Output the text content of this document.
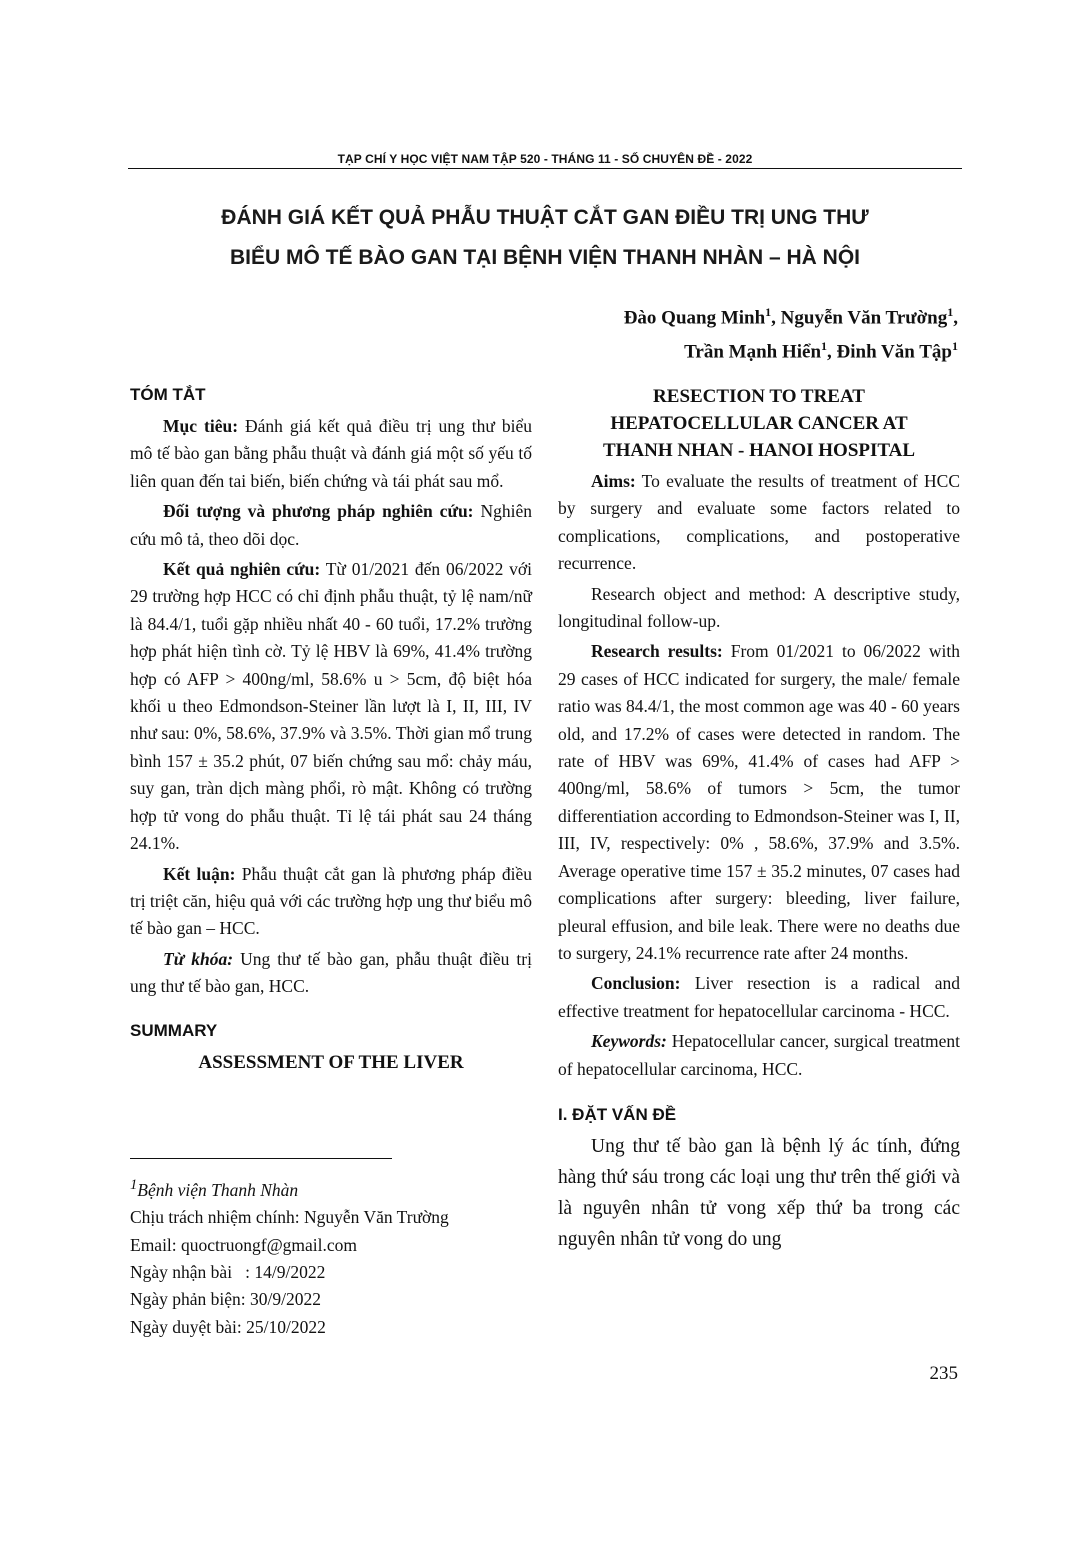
TẠP CHÍ Y HỌC VIỆT NAM TẬP 520 - THÁNG 11 - SỐ CHUYÊN ĐỀ - 2022
ĐÁNH GIÁ KẾT QUẢ PHẪU THUẬT CẮT GAN ĐIỀU TRỊ UNG THƯ
BIỂU MÔ TẾ BÀO GAN TẠI BỆNH VIỆN THANH NHÀN – HÀ NỘI
Đào Quang Minh$^1$, Nguyễn Văn Trường$^1$,
Trần Mạnh Hiển$^1$, Đinh Văn Tập$^1$
TÓM TẮT

Mục tiêu: Đánh giá kết quả điều trị ung thư biểu mô tế bào gan bằng phẫu thuật và đánh giá một số yếu tố liên quan đến tai biến, biến chứng và tái phát sau mổ.

Đối tượng và phương pháp nghiên cứu: Nghiên cứu mô tả, theo dõi dọc.

Kết quả nghiên cứu: Từ 01/2021 đến 06/2022 với 29 trường hợp HCC có chỉ định phẫu thuật, tỷ lệ nam/nữ là 84.4/1, tuổi gặp nhiều nhất 40 - 60 tuổi, 17.2% trường hợp phát hiện tình cờ. Tỷ lệ HBV là 69%, 41.4% trường hợp có AFP > 400ng/ml, 58.6% u > 5cm, độ biệt hóa khối u theo Edmondson-Steiner lần lượt là I, II, III, IV như sau: 0%, 58.6%, 37.9% và 3.5%. Thời gian mổ trung bình 157 ± 35.2 phút, 07 biến chứng sau mổ: chảy máu, suy gan, tràn dịch màng phổi, rò mật. Không có trường hợp tử vong do phẫu thuật. Tỉ lệ tái phát sau 24 tháng 24.1%.

Kết luận: Phẫu thuật cắt gan là phương pháp điều trị triệt căn, hiệu quả với các trường hợp ung thư biểu mô tế bào gan – HCC.

Từ khóa: Ung thư tế bào gan, phẫu thuật điều trị ung thư tế bào gan, HCC.

SUMMARY
ASSESSMENT OF THE LIVER
$^1$Bệnh viện Thanh Nhàn
Chịu trách nhiệm chính: Nguyễn Văn Trường
Email: quoctruongf@gmail.com
Ngày nhận bài   : 14/9/2022
Ngày phản biện: 30/9/2022
Ngày duyệt bài: 25/10/2022
RESECTION TO TREAT
HEPATOCELLULAR CANCER AT
THANH NHAN - HANOI HOSPITAL

Aims: To evaluate the results of treatment of HCC by surgery and evaluate some factors related to complications, complications, and postoperative recurrence.

Research object and method: A descriptive study, longitudinal follow-up.

Research results: From 01/2021 to 06/2022 with 29 cases of HCC indicated for surgery, the male/ female ratio was 84.4/1, the most common age was 40 - 60 years old, and 17.2% of cases were detected in random. The rate of HBV was 69%, 41.4% of cases had AFP > 400ng/ml, 58.6% of tumors > 5cm, the tumor differentiation according to Edmondson-Steiner was I, II, III, IV, respectively: 0% , 58.6%, 37.9% and 3.5%. Average operative time 157 ± 35.2 minutes, 07 cases had complications after surgery: bleeding, liver failure, pleural effusion, and bile leak. There were no deaths due to surgery, 24.1% recurrence rate after 24 months.

Conclusion: Liver resection is a radical and effective treatment for hepatocellular carcinoma - HCC.

Keywords: Hepatocellular cancer, surgical treatment of hepatocellular carcinoma, HCC.

I. ĐẶT VẤN ĐỀ

Ung thư tế bào gan là bệnh lý ác tính, đứng hàng thứ sáu trong các loại ung thư trên thế giới và là nguyên nhân tử vong xếp thứ ba trong các nguyên nhân tử vong do ung

235
